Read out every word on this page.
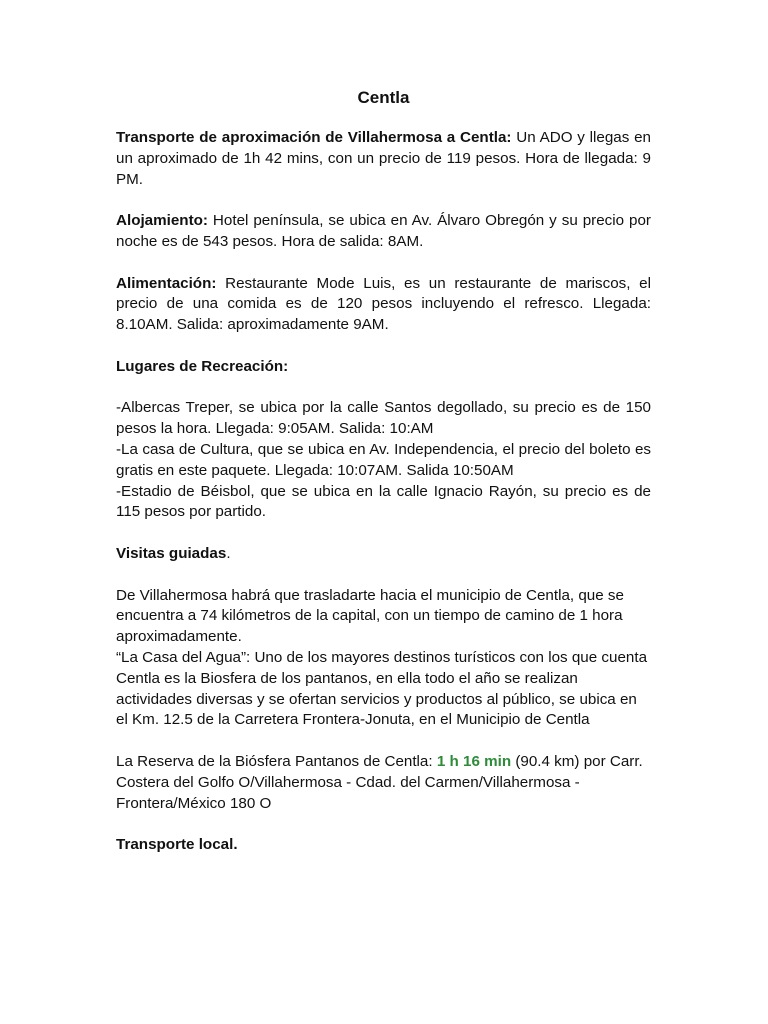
Centla

Transporte de aproximación de Villahermosa a Centla: Un ADO y llegas en un aproximado de 1h 42 mins, con un precio de 119 pesos. Hora de llegada: 9 PM.

Alojamiento: Hotel península, se ubica en Av. Álvaro Obregón y su precio por noche es de 543 pesos. Hora de salida: 8AM.

Alimentación: Restaurante Mode Luis, es un restaurante de mariscos, el precio de una comida es de 120 pesos incluyendo el refresco. Llegada: 8.10AM. Salida: aproximadamente 9AM.

Lugares de Recreación:

-Albercas Treper, se ubica por la calle Santos degollado, su precio es de 150 pesos la hora. Llegada: 9:05AM. Salida: 10:AM

-La casa de Cultura, que se ubica en Av. Independencia, el precio del boleto es gratis en este paquete. Llegada: 10:07AM. Salida 10:50AM

-Estadio de Béisbol, que se ubica en la calle Ignacio Rayón, su precio es de 115 pesos por partido.

Visitas guiadas.

De Villahermosa habrá que trasladarte hacia el municipio de Centla, que se encuentra a 74 kilómetros de la capital, con un tiempo de camino de 1 hora aproximadamente.

“La Casa del Agua”: Uno de los mayores destinos turísticos con los que cuenta Centla es la Biosfera de los pantanos, en ella todo el año se realizan actividades diversas y se ofertan servicios y productos al público, se ubica en el Km. 12.5 de la Carretera Frontera-Jonuta, en el Municipio de Centla

La Reserva de la Biósfera Pantanos de Centla: 1 h 16 min (90.4 km) por Carr. Costera del Golfo O/Villahermosa - Cdad. del Carmen/Villahermosa - Frontera/México 180 O

Transporte local.
